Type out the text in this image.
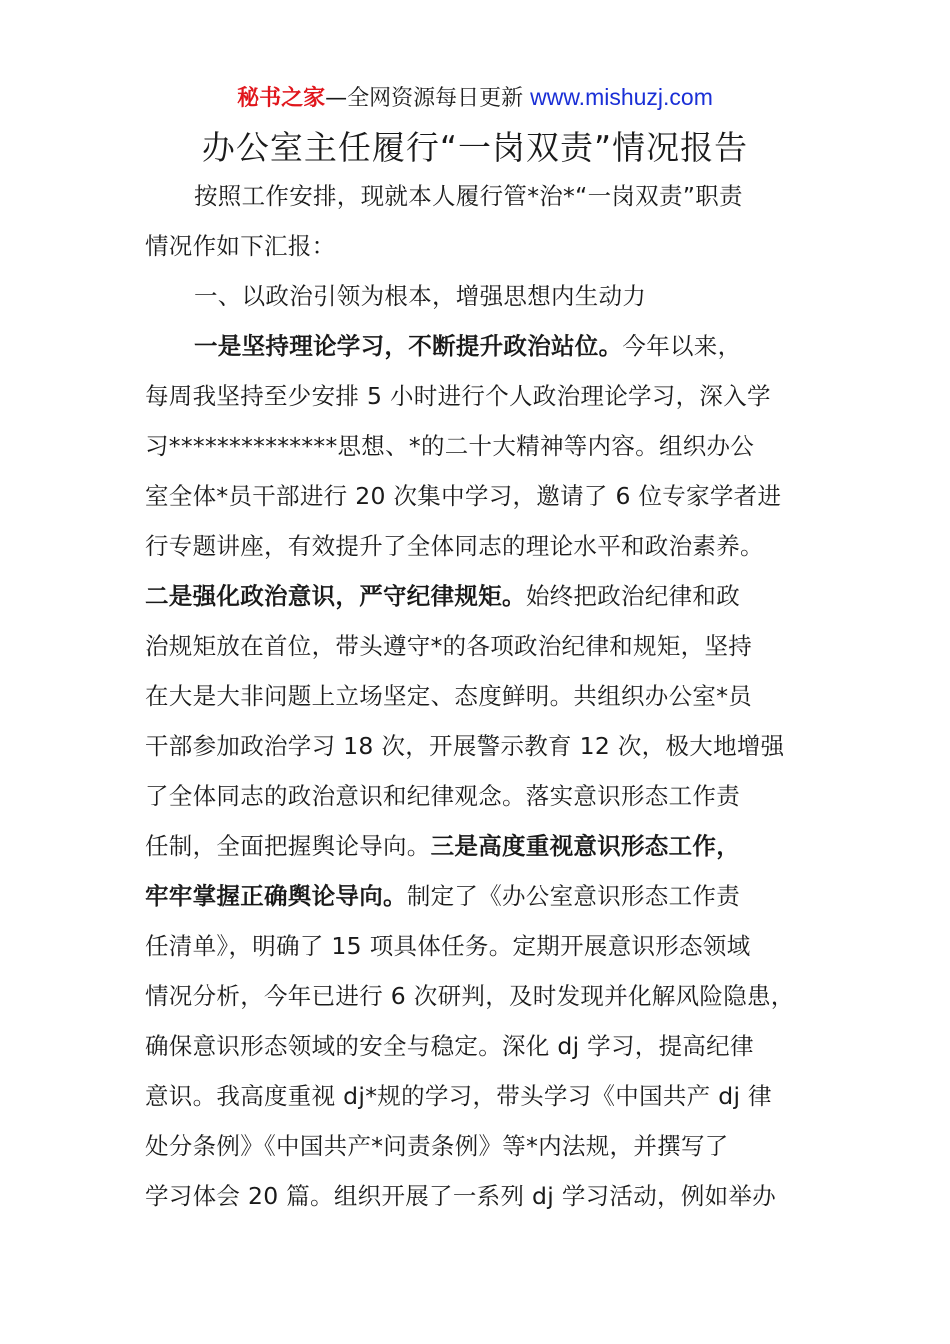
秘书之家—全网资源每日更新 www.mishuzj.com
办公室主任履行“一岗双责”情况报告
按照工作安排，现就本人履行管*治*“一岗双责”职责
情况作如下汇报：
一、以政治引领为根本，增强思想内生动力
一是坚持理论学习，不断提升政治站位。今年以来，
每周我坚持至少安排 5 小时进行个人政治理论学习，深入学
习**************思想、*的二十大精神等内容。组织办公
室全体*员干部进行 20 次集中学习，邀请了 6 位专家学者进
行专题讲座，有效提升了全体同志的理论水平和政治素养。
二是强化政治意识，严守纪律规矩。始终把政治纪律和政
治规矩放在首位，带头遵守*的各项政治纪律和规矩，坚持
在大是大非问题上立场坚定、态度鲜明。共组织办公室*员
干部参加政治学习 18 次，开展警示教育 12 次，极大地增强
了全体同志的政治意识和纪律观念。落实意识形态工作责
任制，全面把握舆论导向。三是高度重视意识形态工作，
牢牢掌握正确舆论导向。制定了《办公室意识形态工作责
任清单》，明确了 15 项具体任务。定期开展意识形态领域
情况分析，今年已进行 6 次研判，及时发现并化解风险隐患，
确保意识形态领域的安全与稳定。深化 dj 学习，提高纪律
意识。我高度重视 dj*规的学习，带头学习《中国共产 dj 律
处分条例》《中国共产*问责条例》等*内法规，并撰写了
学习体会 20 篇。组织开展了一系列 dj 学习活动，例如举办
